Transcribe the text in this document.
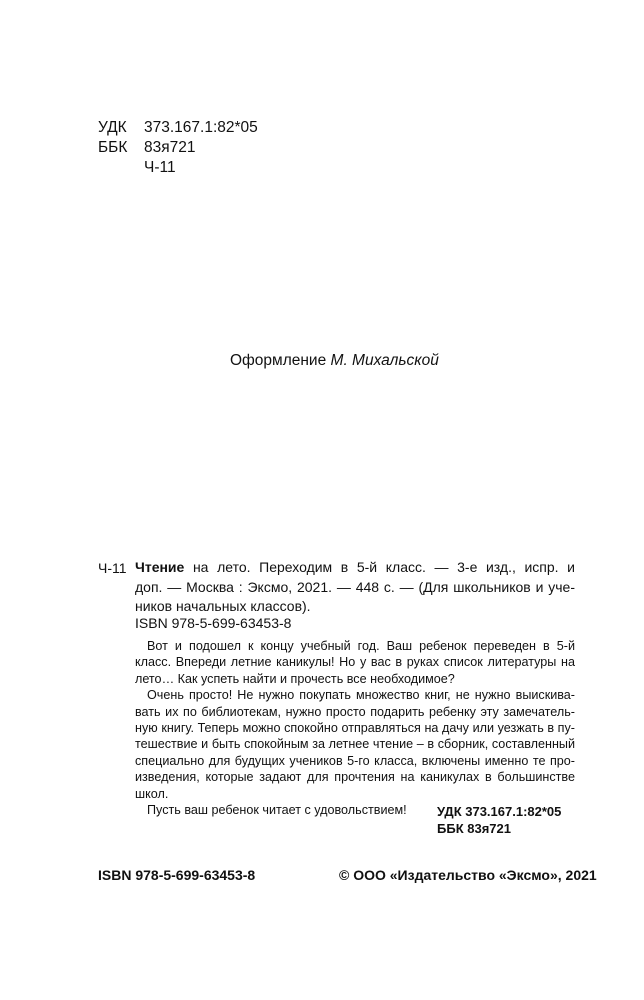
УДК 373.167.1:82*05
ББК 83я721
Ч-11
Оформление М. Михальской
Ч-11 Чтение на лето. Переходим в 5-й класс. — 3-е изд., испр. и
доп. — Москва : Эксмо, 2021. — 448 с. — (Для школьников и уче-
ников начальных классов).
ISBN 978-5-699-63453-8
Вот и подошел к концу учебный год. Ваш ребенок переведен в 5-й
класс. Впереди летние каникулы! Но у вас в руках список литературы на
лето… Как успеть найти и прочесть все необходимое?
Очень просто! Не нужно покупать множество книг, не нужно выискива-
вать их по библиотекам, нужно просто подарить ребенку эту замечатель-
ную книгу. Теперь можно спокойно отправляться на дачу или уезжать в пу-
тешествие и быть спокойным за летнее чтение – в сборник, составленный
специально для будущих учеников 5-го класса, включены именно те про-
изведения, которые задают для прочтения на каникулах в большинстве
школ.
Пусть ваш ребенок читает с удовольствием!	УДК 373.167.1:82*05
ББК 83я721
ISBN 978-5-699-63453-8	© ООО «Издательство «Эксмо», 2021
